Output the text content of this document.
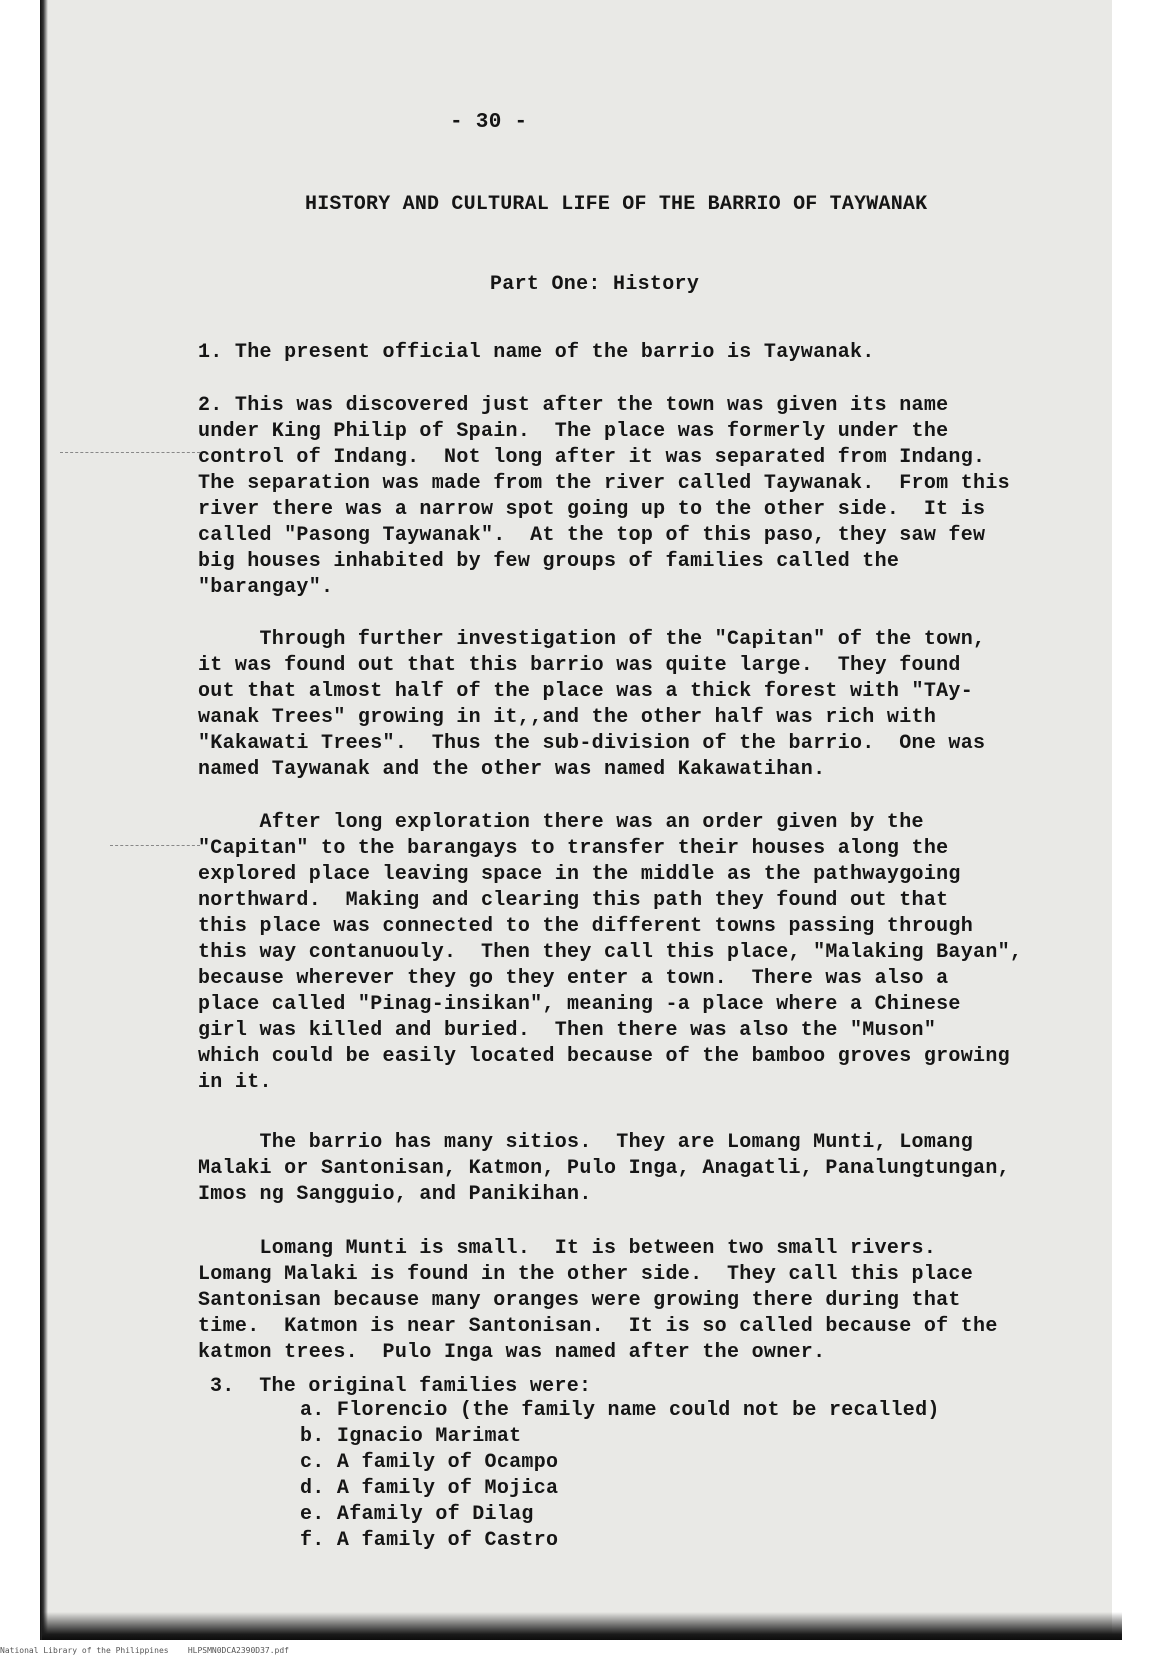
- 30 -
HISTORY AND CULTURAL LIFE OF THE BARRIO OF TAYWANAK
Part One: History
1. The present official name of the barrio is Taywanak.
2. This was discovered just after the town was given its name
under King Philip of Spain.  The place was formerly under the
control of Indang.  Not long after it was separated from Indang.
The separation was made from the river called Taywanak.  From this
river there was a narrow spot going up to the other side.  It is
called "Pasong Taywanak".  At the top of this paso, they saw few
big houses inhabited by few groups of families called the
"barangay".
Through further investigation of the "Capitan" of the town,
it was found out that this barrio was quite large.  They found
out that almost half of the place was a thick forest with "TAy-
wanak Trees" growing in it,,and the other half was rich with
"Kakawati Trees".  Thus the sub-division of the barrio.  One was
named Taywanak and the other was named Kakawatihan.
After long exploration there was an order given by the
"Capitan" to the barangays to transfer their houses along the
explored place leaving space in the middle as the pathwaygoing
northward.  Making and clearing this path they found out that
this place was connected to the different towns passing through
this way contanuouly.  Then they call this place, "Malaking Bayan",
because wherever they go they enter a town.  There was also a
place called "Pinag-insikan", meaning -a place where a Chinese
girl was killed and buried.  Then there was also the "Muson"
which could be easily located because of the bamboo groves growing
in it.
The barrio has many sitios.  They are Lomang Munti, Lomang
Malaki or Santonisan, Katmon, Pulo Inga, Anagatli, Panalungtungan,
Imos ng Sangguio, and Panikihan.
Lomang Munti is small.  It is between two small rivers.
Lomang Malaki is found in the other side.  They call this place
Santonisan because many oranges were growing there during that
time.  Katmon is near Santonisan.  It is so called because of the
katmon trees.  Pulo Inga was named after the owner.
3.  The original families were:
a. Florencio (the family name could not be recalled)
b. Ignacio Marimat
c. A family of Ocampo
d. A family of Mojica
e. Afamily of Dilag
f. A family of Castro
National Library of the Philippines    HLPSMN0DCA2390D37.pdf
